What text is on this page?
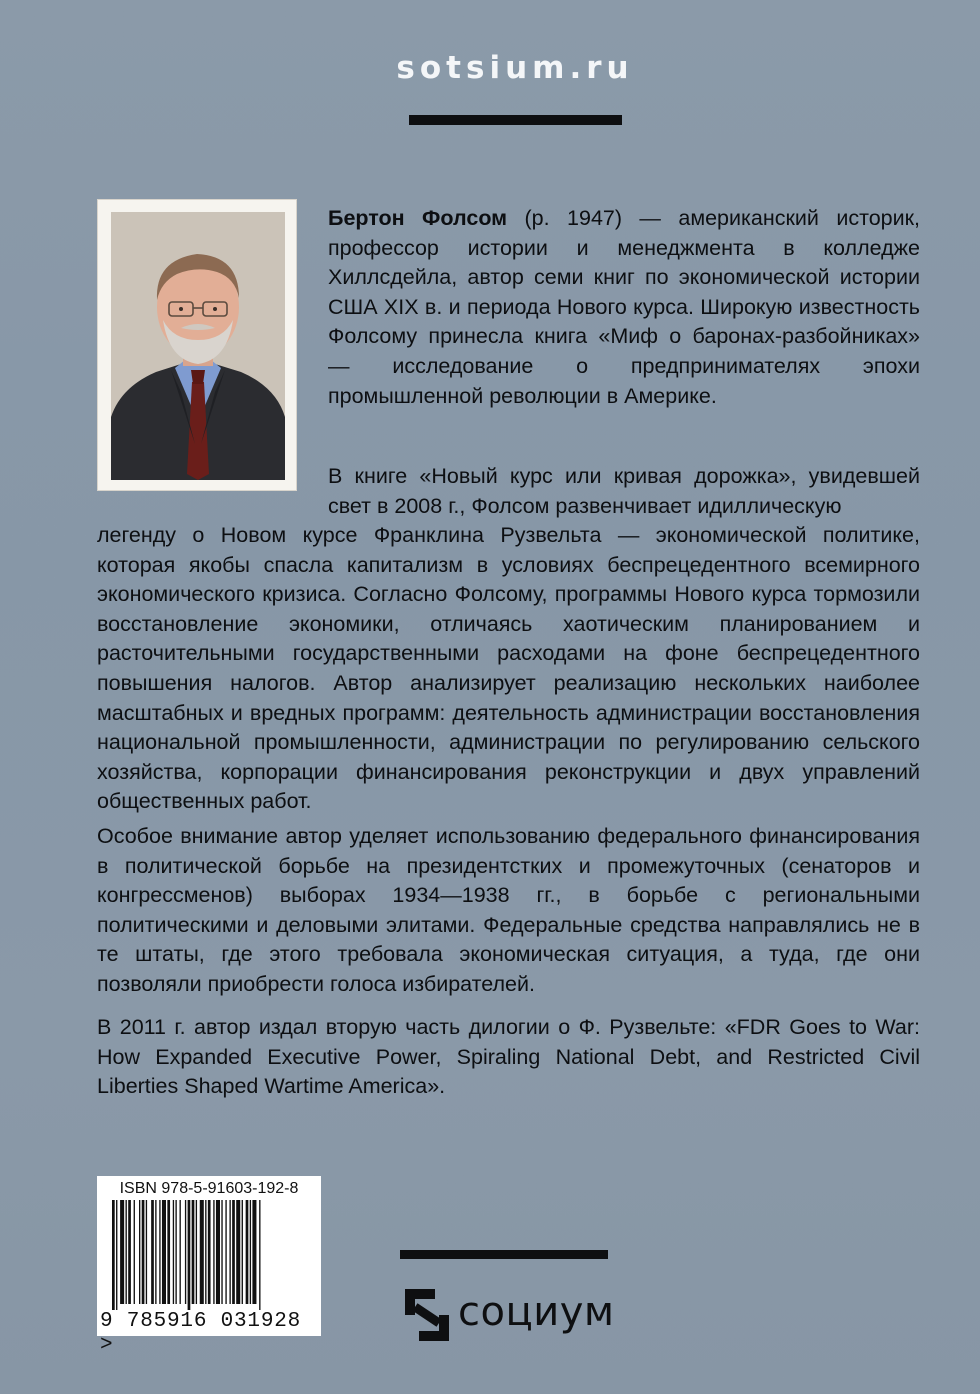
sotsium.ru
Бертон Фолсом (р. 1947) — американский историк, профессор истории и менеджмента в колледже Хиллсдейла, автор семи книг по экономической истории США XIX в. и периода Нового курса. Широкую известность Фолсому принесла книга «Миф о баронах-разбойниках» — исследование о предпринимателях эпохи промышленной революции в Америке.
В книге «Новый курс или кривая дорожка», увидевшей свет в 2008 г., Фолсом развенчивает идиллическую
легенду о Новом курсе Франклина Рузвельта — экономической политике, которая якобы спасла капитализм в условиях беспрецедентного всемирного экономического кризиса. Согласно Фолсому, программы Нового курса тормозили восстановление экономики, отличаясь хаотическим планированием и расточительными государственными расходами на фоне беспрецедентного повышения налогов. Автор анализирует реализацию нескольких наиболее масштабных и вредных программ: деятельность администрации восстановления национальной промышленности, администрации по регулированию сельского хозяйства, корпорации финансирования реконструкции и двух управлений общественных работ.
Особое внимание автор уделяет использованию федерального финансирования в политической борьбе на президентстких и промежуточных (сенаторов и конгрессменов) выборах 1934—1938 гг., в борьбе с региональными политическими и деловыми элитами. Федеральные средства направлялись не в те штаты, где этого требовала экономическая ситуация, а туда, где они позволяли приобрести голоса избирателей.
В 2011 г. автор издал вторую часть дилогии о Ф. Рузвельте: «FDR Goes to War: How Expanded Executive Power, Spiraling National Debt, and Restricted Civil Liberties Shaped Wartime America».
ISBN 978-5-91603-192-8
9 785916 031928 >
социум
